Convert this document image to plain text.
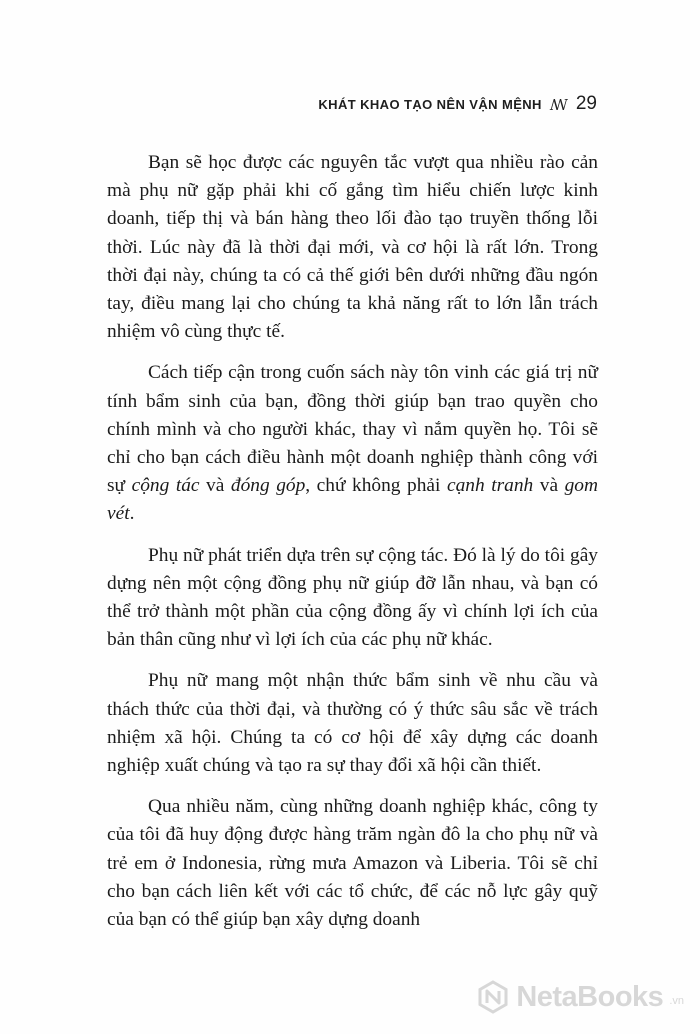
KHÁT KHAO TẠO NÊN VẬN MỆNH ꟿ 29

Bạn sẽ học được các nguyên tắc vượt qua nhiều rào cản mà phụ nữ gặp phải khi cố gắng tìm hiểu chiến lược kinh doanh, tiếp thị và bán hàng theo lối đào tạo truyền thống lỗi thời. Lúc này đã là thời đại mới, và cơ hội là rất lớn. Trong thời đại này, chúng ta có cả thế giới bên dưới những đầu ngón tay, điều mang lại cho chúng ta khả năng rất to lớn lẫn trách nhiệm vô cùng thực tế.

Cách tiếp cận trong cuốn sách này tôn vinh các giá trị nữ tính bẩm sinh của bạn, đồng thời giúp bạn trao quyền cho chính mình và cho người khác, thay vì nắm quyền họ. Tôi sẽ chỉ cho bạn cách điều hành một doanh nghiệp thành công với sự cộng tác và đóng góp, chứ không phải cạnh tranh và gom vét.

Phụ nữ phát triển dựa trên sự cộng tác. Đó là lý do tôi gây dựng nên một cộng đồng phụ nữ giúp đỡ lẫn nhau, và bạn có thể trở thành một phần của cộng đồng ấy vì chính lợi ích của bản thân cũng như vì lợi ích của các phụ nữ khác.

Phụ nữ mang một nhận thức bẩm sinh về nhu cầu và thách thức của thời đại, và thường có ý thức sâu sắc về trách nhiệm xã hội. Chúng ta có cơ hội để xây dựng các doanh nghiệp xuất chúng và tạo ra sự thay đổi xã hội cần thiết.

Qua nhiều năm, cùng những doanh nghiệp khác, công ty của tôi đã huy động được hàng trăm ngàn đô la cho phụ nữ và trẻ em ở Indonesia, rừng mưa Amazon và Liberia. Tôi sẽ chỉ cho bạn cách liên kết với các tổ chức, để các nỗ lực gây quỹ của bạn có thể giúp bạn xây dựng doanh

NetaBooks .vn
